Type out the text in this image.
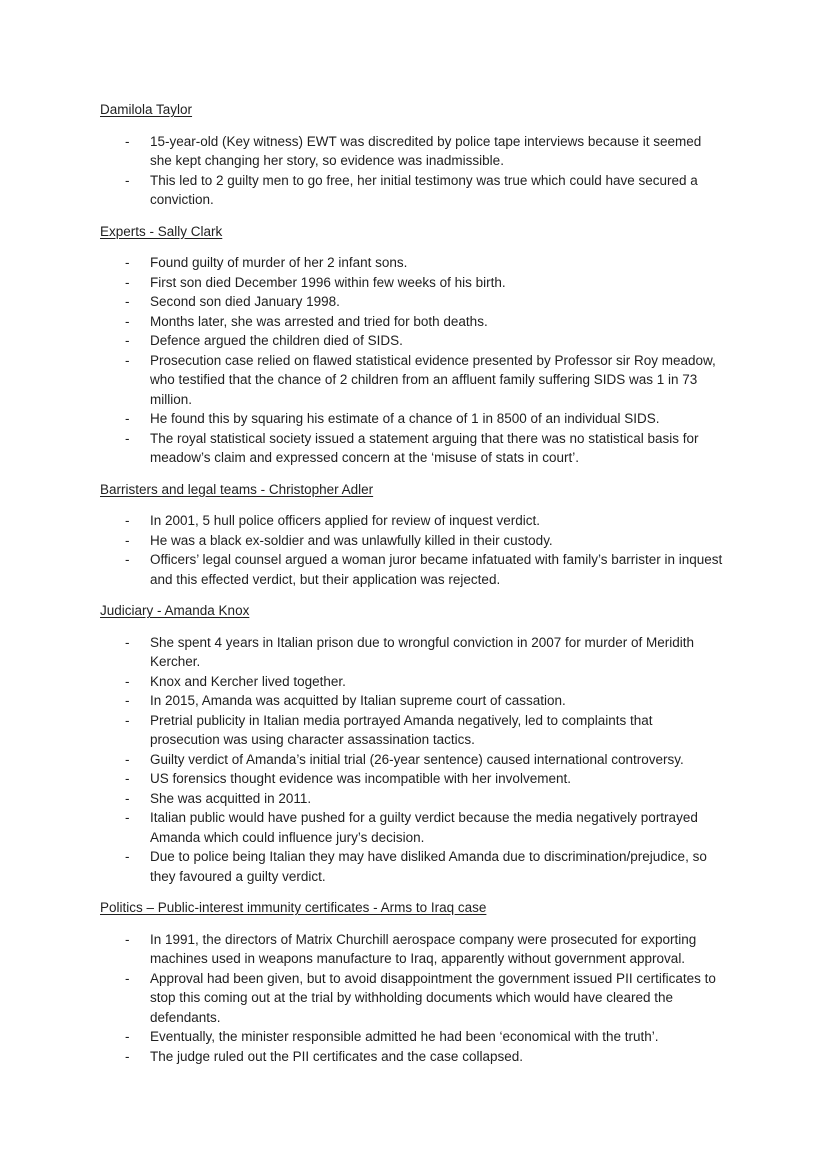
Damilola Taylor
- 15-year-old (Key witness) EWT was discredited by police tape interviews because it seemed she kept changing her story, so evidence was inadmissible.
- This led to 2 guilty men to go free, her initial testimony was true which could have secured a conviction.
Experts - Sally Clark
- Found guilty of murder of her 2 infant sons.
- First son died December 1996 within few weeks of his birth.
- Second son died January 1998.
- Months later, she was arrested and tried for both deaths.
- Defence argued the children died of SIDS.
- Prosecution case relied on flawed statistical evidence presented by Professor sir Roy meadow, who testified that the chance of 2 children from an affluent family suffering SIDS was 1 in 73 million.
- He found this by squaring his estimate of a chance of 1 in 8500 of an individual SIDS.
- The royal statistical society issued a statement arguing that there was no statistical basis for meadow’s claim and expressed concern at the ‘misuse of stats in court’.
Barristers and legal teams - Christopher Adler
- In 2001, 5 hull police officers applied for review of inquest verdict.
- He was a black ex-soldier and was unlawfully killed in their custody.
- Officers’ legal counsel argued a woman juror became infatuated with family’s barrister in inquest and this effected verdict, but their application was rejected.
Judiciary - Amanda Knox
- She spent 4 years in Italian prison due to wrongful conviction in 2007 for murder of Meridith Kercher.
- Knox and Kercher lived together.
- In 2015, Amanda was acquitted by Italian supreme court of cassation.
- Pretrial publicity in Italian media portrayed Amanda negatively, led to complaints that prosecution was using character assassination tactics.
- Guilty verdict of Amanda’s initial trial (26-year sentence) caused international controversy.
- US forensics thought evidence was incompatible with her involvement.
- She was acquitted in 2011.
- Italian public would have pushed for a guilty verdict because the media negatively portrayed Amanda which could influence jury’s decision.
- Due to police being Italian they may have disliked Amanda due to discrimination/prejudice, so they favoured a guilty verdict.
Politics – Public-interest immunity certificates - Arms to Iraq case
- In 1991, the directors of Matrix Churchill aerospace company were prosecuted for exporting machines used in weapons manufacture to Iraq, apparently without government approval.
- Approval had been given, but to avoid disappointment the government issued PII certificates to stop this coming out at the trial by withholding documents which would have cleared the defendants.
- Eventually, the minister responsible admitted he had been ‘economical with the truth’.
- The judge ruled out the PII certificates and the case collapsed.
